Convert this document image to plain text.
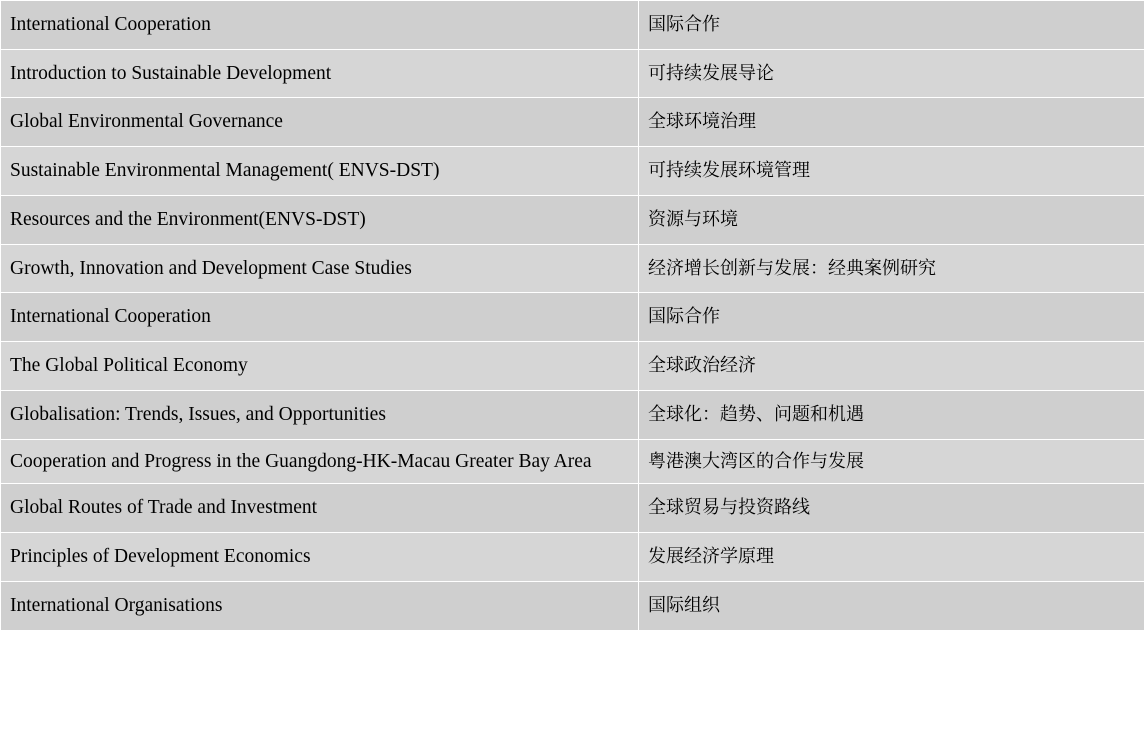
International Cooperation	国际合作
Introduction to Sustainable Development	可持续发展导论
Global Environmental Governance	全球环境治理
Sustainable Environmental Management( ENVS-DST)	可持续发展环境管理
Resources and the Environment(ENVS-DST)	资源与环境
Growth, Innovation and Development Case Studies	经济增长创新与发展：经典案例研究
International Cooperation	国际合作
The Global Political Economy	全球政治经济
Globalisation: Trends, Issues, and Opportunities	全球化：趋势、问题和机遇
Cooperation and Progress in the Guangdong-HK-Macau Greater Bay Area	粤港澳大湾区的合作与发展
Global Routes of Trade and Investment	全球贸易与投资路线
Principles of Development Economics	发展经济学原理
International Organisations	国际组织
